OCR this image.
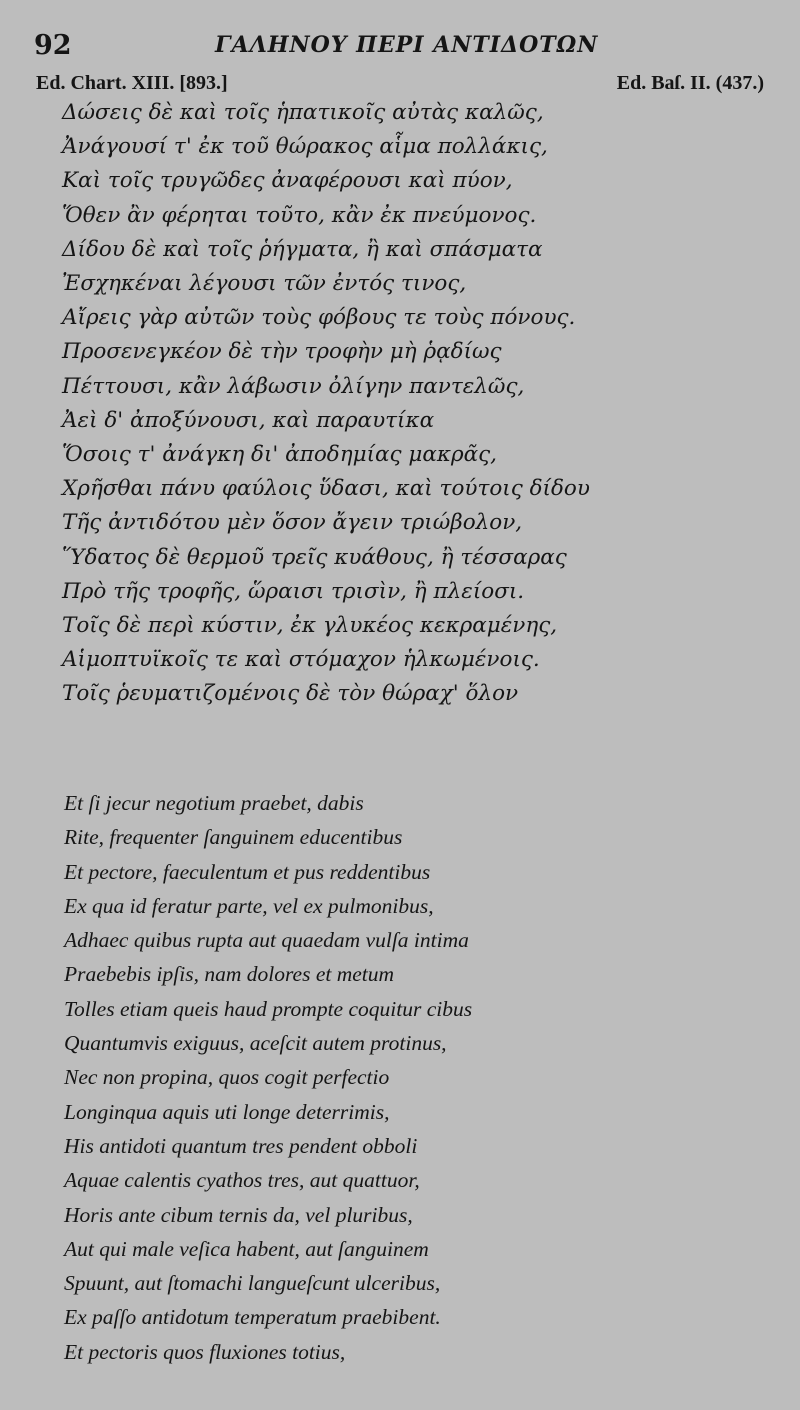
92	ΓΑΛΗΝΟΥ ΠΕΡΙ ΑΝΤΙΔΟΤΩΝ
Ed. Chart. XIII. [893.]	Ed. Baſ. II. (437.)
Δώσεις δὲ καὶ τοῖς ἡπατικοῖς αὐτὰς καλῶς,
Ἀνάγουσί τ' ἐκ τοῦ θώρακος αἷμα πολλάκις,
Καὶ τοῖς τρυγῶδες ἀναφέρουσι καὶ πύον,
Ὅθεν ἂν φέρηται τοῦτο, κἂν ἐκ πνεύμονος.
Δίδου δὲ καὶ τοῖς ῥήγματα, ἢ καὶ σπάσματα
Ἐσχηκέναι λέγουσι τῶν ἐντός τινος,
Αἴρεις γὰρ αὐτῶν τοὺς φόβους τε τοὺς πόνους.
Προσενεγκέον δὲ τὴν τροφὴν μὴ ῥᾳδίως
Πέττουσι, κἂν λάβωσιν ὀλίγην παντελῶς,
Ἀεὶ δ' ἀποξύνουσι, καὶ παραυτίκα
Ὅσοις τ' ἀνάγκη δι' ἀποδημίας μακρᾶς,
Χρῆσθαι πάνυ φαύλοις ὕδασι, καὶ τούτοις δίδου
Τῆς ἀντιδότου μὲν ὅσον ἄγειν τριώβολον,
Ὕδατος δὲ θερμοῦ τρεῖς κυάθους, ἢ τέσσαρας
Πρὸ τῆς τροφῆς, ὥραισι τρισὶν, ἢ πλείοσι.
Τοῖς δὲ περὶ κύστιν, ἐκ γλυκέος κεκραμένης,
Αἱμοπτυϊκοῖς τε καὶ στόμαχον ἡλκωμένοις.
Τοῖς ῥευματιζομένοις δὲ τὸν θώραχ' ὅλον
Et ſi jecur negotium praebet, dabis
Rite, frequenter ſanguinem educentibus
Et pectore, faeculentum et pus reddentibus
Ex qua id feratur parte, vel ex pulmonibus,
Adhaec quibus rupta aut quaedam vulſa intima
Praebebis ipſis, nam dolores et metum
Tolles etiam queis haud prompte coquitur cibus
Quantumvis exiguus, aceſcit autem protinus,
Nec non propina, quos cogit perfectio
Longinqua aquis uti longe deterrimis,
His antidoti quantum tres pendent obboli
Aquae calentis cyathos tres, aut quattuor,
Horis ante cibum ternis da, vel pluribus,
Aut qui male veſica habent, aut ſanguinem
Spuunt, aut ſtomachi langueſcunt ulceribus,
Ex paſſo antidotum temperatum praebibent.
Et pectoris quos fluxiones totius,
